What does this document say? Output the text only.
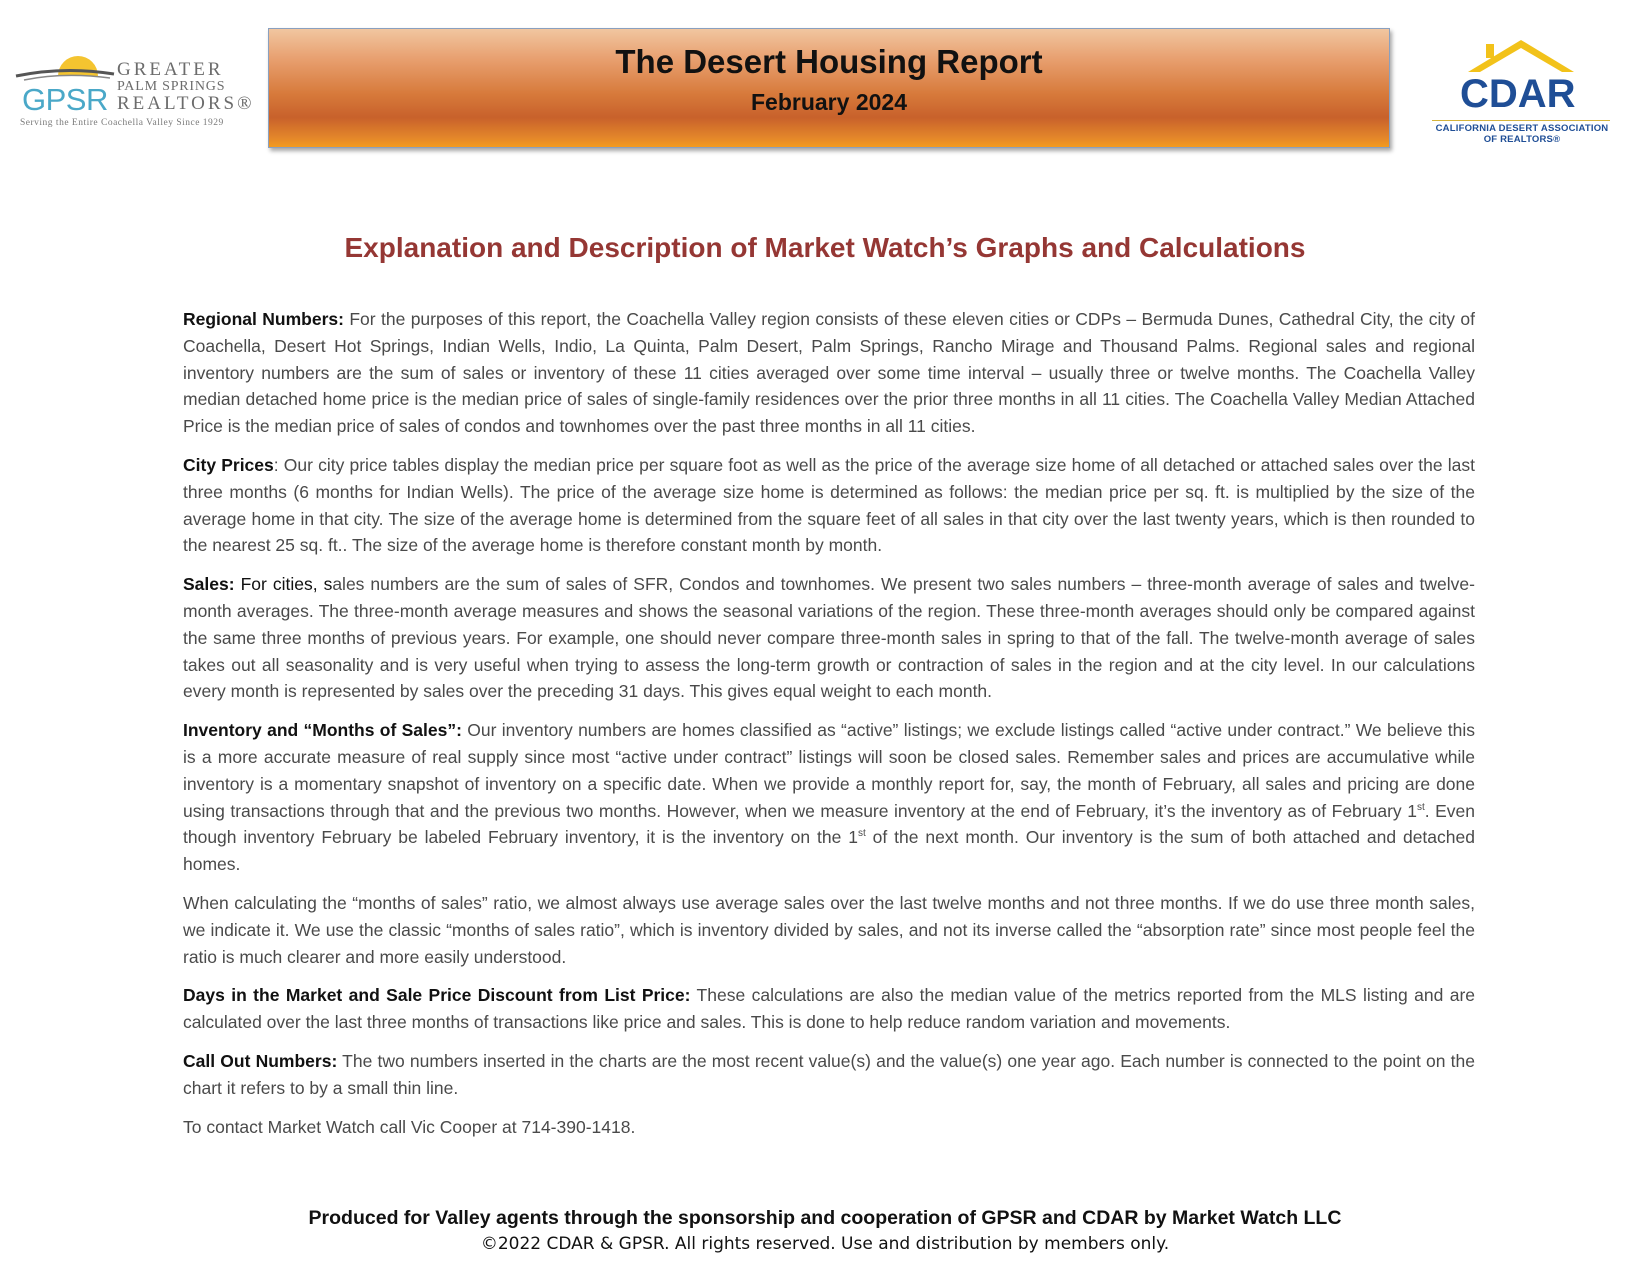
GPSR
GREATER
PALM SPRINGS
REALTORS®
Serving the Entire Coachella Valley Since 1929
The Desert Housing Report
February 2024	CDAR
CALIFORNIA DESERT ASSOCIATION
OF REALTORS®
Explanation and Description of Market Watch’s Graphs and Calculations

Regional Numbers: For the purposes of this report, the Coachella Valley region consists of these eleven cities or CDPs – Bermuda Dunes, Cathedral City, the city of Coachella, Desert Hot Springs, Indian Wells, Indio, La Quinta, Palm Desert, Palm Springs, Rancho Mirage and Thousand Palms. Regional sales and regional inventory numbers are the sum of sales or inventory of these 11 cities averaged over some time interval – usually three or twelve months. The Coachella Valley median detached home price is the median price of sales of single-family residences over the prior three months in all 11 cities. The Coachella Valley Median Attached Price is the median price of sales of condos and townhomes over the past three months in all 11 cities.

City Prices: Our city price tables display the median price per square foot as well as the price of the average size home of all detached or attached sales over the last three months (6 months for Indian Wells). The price of the average size home is determined as follows: the median price per sq. ft. is multiplied by the size of the average home in that city. The size of the average home is determined from the square feet of all sales in that city over the last twenty years, which is then rounded to the nearest 25 sq. ft.. The size of the average home is therefore constant month by month.

Sales: For cities, sales numbers are the sum of sales of SFR, Condos and townhomes. We present two sales numbers – three-month average of sales and twelve-month averages. The three-month average measures and shows the seasonal variations of the region. These three-month averages should only be compared against the same three months of previous years. For example, one should never compare three-month sales in spring to that of the fall. The twelve-month average of sales takes out all seasonality and is very useful when trying to assess the long-term growth or contraction of sales in the region and at the city level. In our calculations every month is represented by sales over the preceding 31 days. This gives equal weight to each month.

Inventory and “Months of Sales”: Our inventory numbers are homes classified as “active” listings; we exclude listings called “active under contract.” We believe this is a more accurate measure of real supply since most “active under contract” listings will soon be closed sales. Remember sales and prices are accumulative while inventory is a momentary snapshot of inventory on a specific date. When we provide a monthly report for, say, the month of February, all sales and pricing are done using transactions through that and the previous two months. However, when we measure inventory at the end of February, it’s the inventory as of February 1st. Even though inventory February be labeled February inventory, it is the inventory on the 1st of the next month. Our inventory is the sum of both attached and detached homes.

When calculating the “months of sales” ratio, we almost always use average sales over the last twelve months and not three months. If we do use three month sales, we indicate it. We use the classic “months of sales ratio”, which is inventory divided by sales, and not its inverse called the “absorption rate” since most people feel the ratio is much clearer and more easily understood.

Days in the Market and Sale Price Discount from List Price: These calculations are also the median value of the metrics reported from the MLS listing and are calculated over the last three months of transactions like price and sales. This is done to help reduce random variation and movements.

Call Out Numbers: The two numbers inserted in the charts are the most recent value(s) and the value(s) one year ago. Each number is connected to the point on the chart it refers to by a small thin line.

To contact Market Watch call Vic Cooper at 714-390-1418.

Produced for Valley agents through the sponsorship and cooperation of GPSR and CDAR by Market Watch LLC
©2022 CDAR & GPSR. All rights reserved. Use and distribution by members only.
